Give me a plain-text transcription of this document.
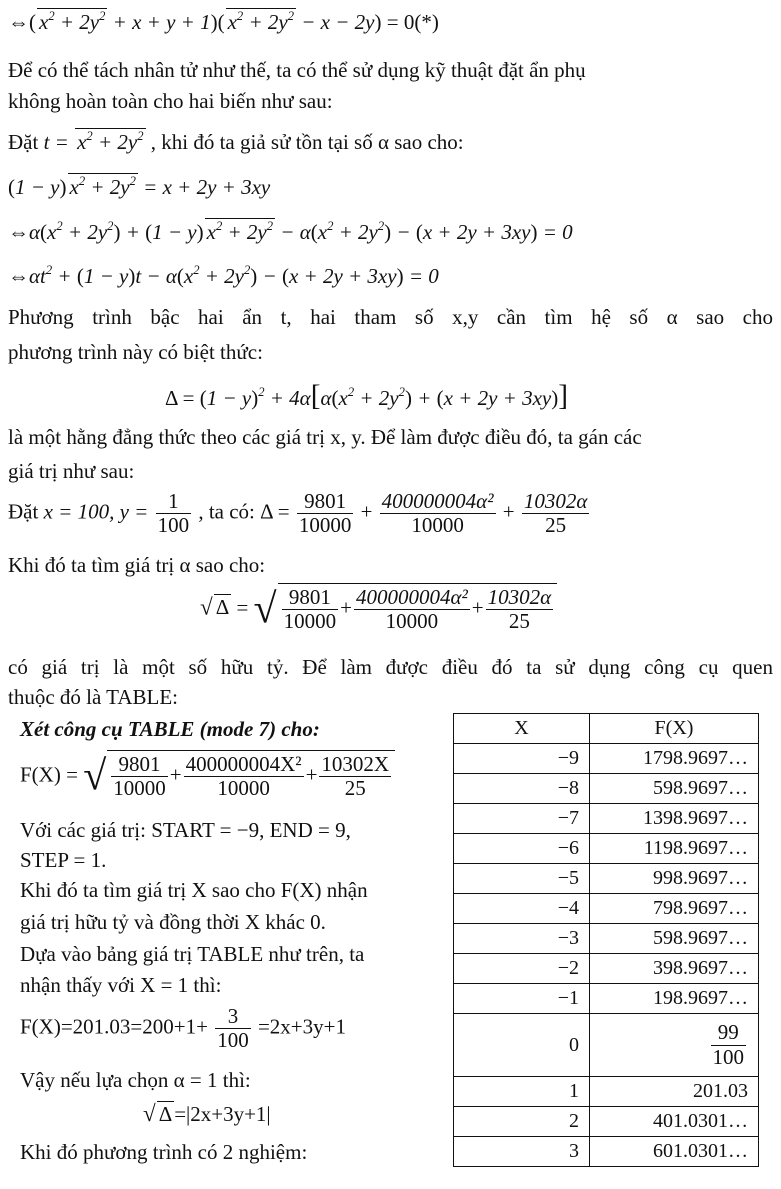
⇔( $x^2 + 2y^2 + x + y + 1$)( $x^2 + 2y^2 - x - 2y) = 0(*)$
Để có thể tách nhân tử như thế, ta có thể sử dụng kỹ thuật đặt ẩn phụ
không hoàn toàn cho hai biến như sau:
Đặt $t = x^2 + 2y^2$ , khi đó ta giả sử tồn tại số α sao cho:
(1 − y) $x^2 + 2y^2 = x + 2y + 3xy$
$\Leftrightarrow\alpha(x^2 + 2y^2) + (1 - y) x^2 + 2y^2 - \alpha(x^2 + 2y^2) - (x + 2y + 3xy) = 0$
$\Leftrightarrow\alpha t^2 + (1 - y)t - \alpha(x^2 + 2y^2) - (x + 2y + 3xy) = 0$
Phương trình bậc hai ẩn t, hai tham số x,y cần tìm hệ số α sao cho
phương trình này có biệt thức:
$\Delta = (1 - y)^2 + 4\alpha[\alpha(x^2 + 2y^2) + (x + 2y + 3xy)]$
là một hằng đẳng thức theo các giá trị x, y. Để làm được điều đó, ta gán các
giá trị như sau:
Đặt x = 100, $y = \frac{1}{100}$ , ta có: $\Delta = \frac{9801}{10000} + \frac{\text{400000004α²}}{10000} + \frac{10302\alpha}{25}$
Khi đó ta tìm giá trị α sao cho:
√ Δ = √ $\frac{9801}{10000} + \frac{\text{400000004α²}}{10000} + \frac{10302\alpha}{25}$
có giá trị là một số hữu tỷ. Để làm được điều đó ta sử dụng công cụ quen
thuộc đó là TABLE:
Xét công cụ TABLE (mode 7) cho:
F(X) = √ $\frac{9801}{10000} + \frac{\text{400000004X²}}{10000} + \frac{10302X}{25}$
Với các giá trị: START = −9, END = 9,
STEP = 1.
Khi đó ta tìm giá trị X sao cho F(X) nhận
giá trị hữu tỷ và đồng thời X khác 0.
Dựa vào bảng giá trị TABLE như trên, ta
nhận thấy với X = 1 thì:
$F(X)=201.03=200+1+ \frac{3}{100} =2x+3y+1$
Vậy nếu lựa chọn α = 1 thì:
√ Δ=|2x+3y+1|
Khi đó phương trình có 2 nghiệm:
X	F(X)
−9	1798.9697…
−8	598.9697…
−7	1398.9697…
−6	1198.9697…
−5	998.9697…
−4	798.9697…
−3	598.9697…
−2	398.9697…
−1	198.9697…
0	$\frac{99}{100}$

1	201.03
2	401.0301…
3	601.0301…
